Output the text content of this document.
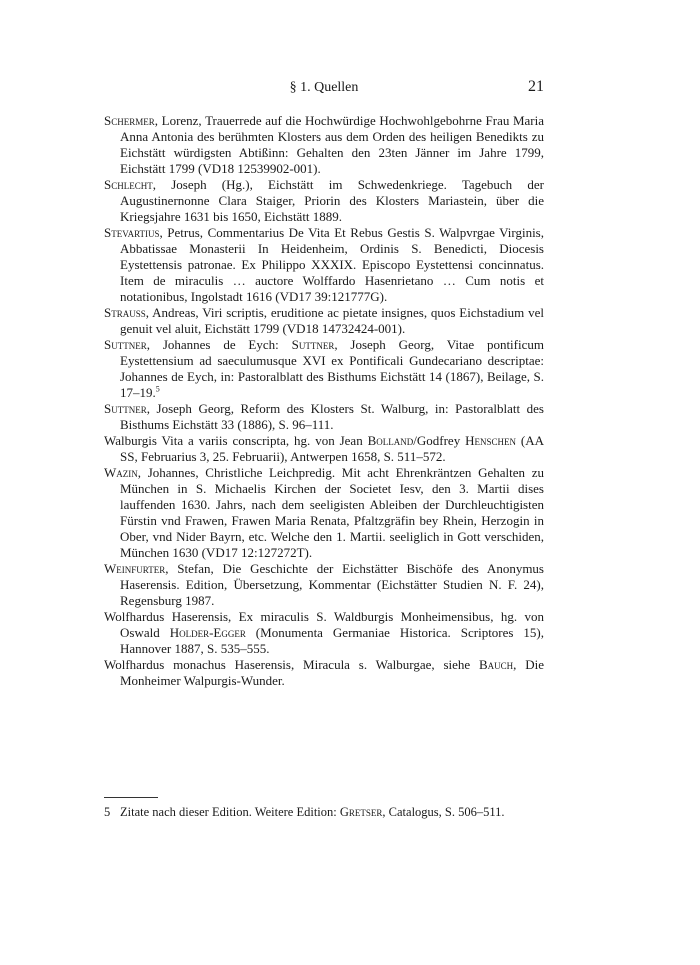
§ 1. Quellen	21

Schermer, Lorenz, Trauerrede auf die Hochwürdige Hochwohlgebohrne Frau Maria Anna Antonia des berühmten Klosters aus dem Orden des heiligen Benedikts zu Eichstätt würdigsten Abtißinn: Gehalten den 23ten Jänner im Jahre 1799, Eichstätt 1799 (VD18 12539902-001).

Schlecht, Joseph (Hg.), Eichstätt im Schwedenkriege. Tagebuch der Augustinernonne Clara Staiger, Priorin des Klosters Mariastein, über die Kriegsjahre 1631 bis 1650, Eichstätt 1889.

Stevartius, Petrus, Commentarius De Vita Et Rebus Gestis S. Walpvrgae Virginis, Abbatissae Monasterii In Heidenheim, Ordinis S. Benedicti, Diocesis Eystettensis patronae. Ex Philippo XXXIX. Episcopo Eystettensi concinnatus. Item de miraculis … auctore Wolffardo Hasenrietano … Cum notis et notationibus, Ingolstadt 1616 (VD17 39:121777G).

Strauss, Andreas, Viri scriptis, eruditione ac pietate insignes, quos Eichstadium vel genuit vel aluit, Eichstätt 1799 (VD18 14732424-001).

Suttner, Johannes de Eych: Suttner, Joseph Georg, Vitae pontificum Eystettensium ad saeculumusque XVI ex Pontificali Gundecariano descriptae: Johannes de Eych, in: Pastoralblatt des Bisthums Eichstätt 14 (1867), Beilage, S. 17–19.$^5$

Suttner, Joseph Georg, Reform des Klosters St. Walburg, in: Pastoralblatt des Bisthums Eichstätt 33 (1886), S. 96–111.

Walburgis Vita a variis conscripta, hg. von Jean Bolland/Godfrey Henschen (AA SS, Februarius 3, 25. Februarii), Antwerpen 1658, S. 511–572.

Wazin, Johannes, Christliche Leichpredig. Mit acht Ehrenkräntzen Gehalten zu München in S. Michaelis Kirchen der Societet Iesv, den 3. Martii dises lauffenden 1630. Jahrs, nach dem seeligisten Ableiben der Durchleuchtigisten Fürstin vnd Frawen, Frawen Maria Renata, Pfaltzgräfin bey Rhein, Herzogin in Ober, vnd Nider Bayrn, etc. Welche den 1. Martii. seeliglich in Gott verschiden, München 1630 (VD17 12:127272T).

Weinfurter, Stefan, Die Geschichte der Eichstätter Bischöfe des Anonymus Haserensis. Edition, Übersetzung, Kommentar (Eichstätter Studien N. F. 24), Regensburg 1987.

Wolfhardus Haserensis, Ex miraculis S. Waldburgis Monheimensibus, hg. von Oswald Holder-Egger (Monumenta Germaniae Historica. Scriptores 15), Hannover 1887, S. 535–555.

Wolfhardus monachus Haserensis, Miracula s. Walburgae, siehe Bauch, Die Monheimer Walpurgis-Wunder.

5 Zitate nach dieser Edition. Weitere Edition: Gretser, Catalogus, S. 506–511.
